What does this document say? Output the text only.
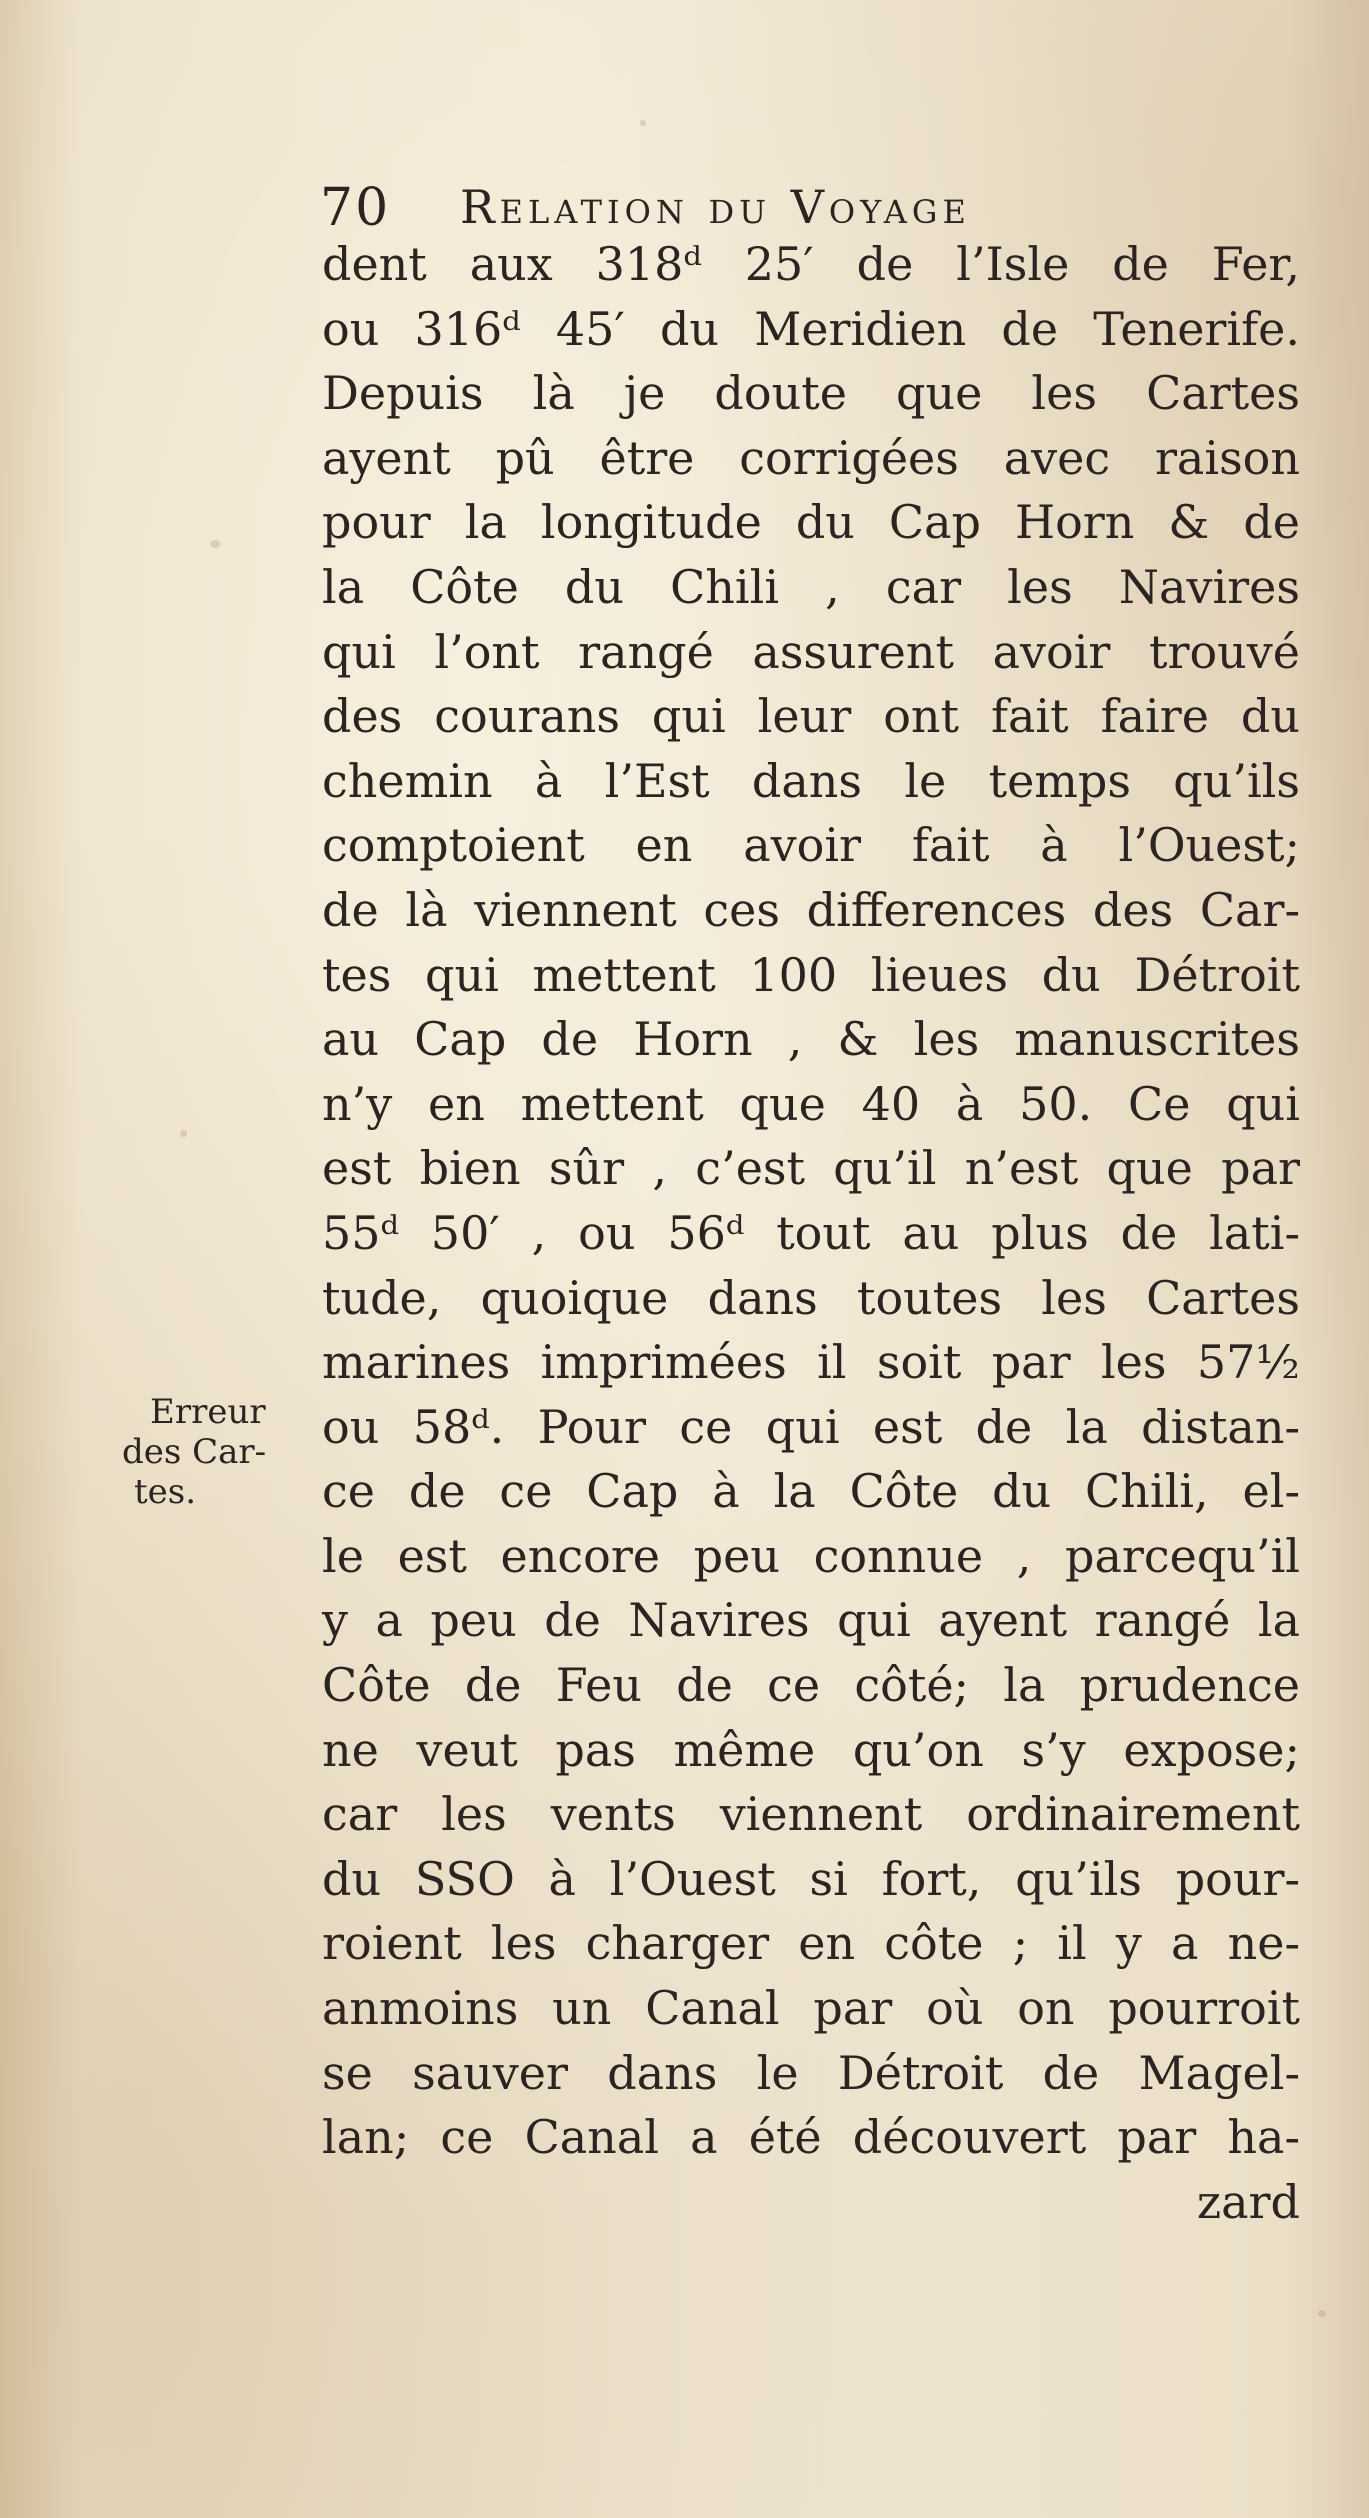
70 Relation du Voyage
dent aux 318ᵈ 25′ de l’Isle de Fer,
ou 316ᵈ 45′ du Meridien de Tenerife.
Depuis là je doute que les Cartes
ayent pû être corrigées avec raison
pour la longitude du Cap Horn & de
la Côte du Chili , car les Navires
qui l’ont rangé assurent avoir trouvé
des courans qui leur ont fait faire du
chemin à l’Est dans le temps qu’ils
comptoient en avoir fait à l’Ouest;
de là viennent ces differences des Car-
tes qui mettent 100 lieues du Détroit
au Cap de Horn , & les manuscrites
n’y en mettent que 40 à 50. Ce qui
est bien sûr , c’est qu’il n’est que par
55ᵈ 50′ , ou 56ᵈ tout au plus de lati-
tude, quoique dans toutes les Cartes
marines imprimées il soit par les 57½
ou 58ᵈ. Pour ce qui est de la distan-
ce de ce Cap à la Côte du Chili, el-
le est encore peu connue , parcequ’il
y a peu de Navires qui ayent rangé la
Côte de Feu de ce côté; la prudence
ne veut pas même qu’on s’y expose;
car les vents viennent ordinairement
du SSO à l’Ouest si fort, qu’ils pour-
roient les charger en côte ; il y a ne-
anmoins un Canal par où on pourroit
se sauver dans le Détroit de Magel-
lan; ce Canal a été découvert par ha-
zard
Erreur
des Car-
tes.
